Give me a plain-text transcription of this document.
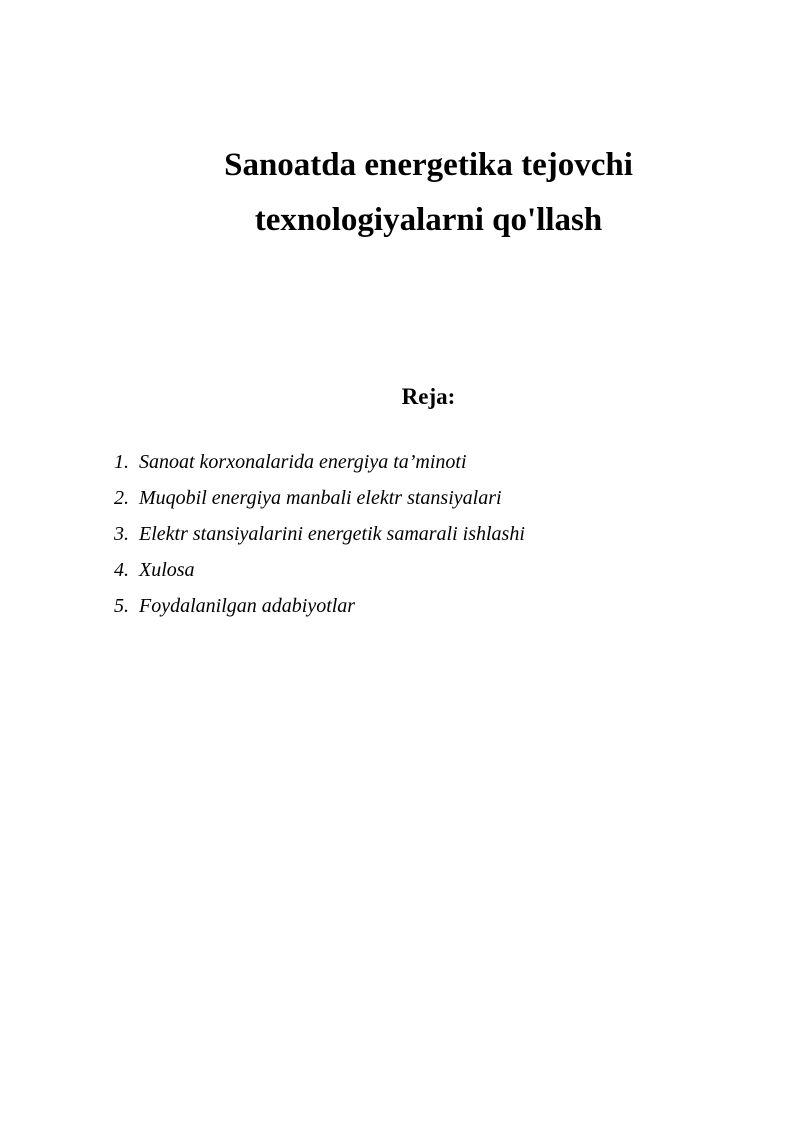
Sanoatda energetika tejovchi
texnologiyalarni qo'llash
Reja:
1. Sanoat korxonalarida energiya ta’minoti
2. Muqobil energiya manbali elektr stansiyalari
3. Elektr stansiyalarini energetik samarali ishlashi
4. Xulosa
5. Foydalanilgan adabiyotlar
